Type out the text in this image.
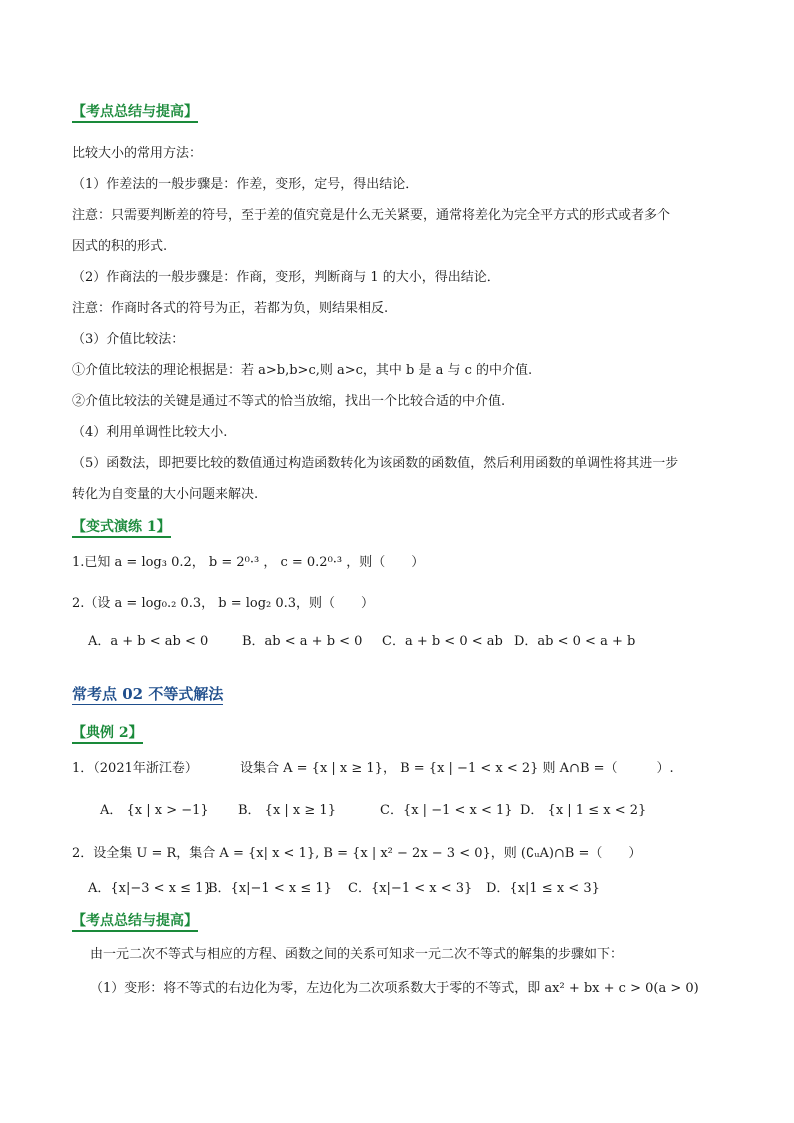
【考点总结与提高】
比较大小的常用方法：
（1）作差法的一般步骤是：作差，变形，定号，得出结论．
注意：只需要判断差的符号，至于差的值究竟是什么无关紧要，通常将差化为完全平方式的形式或者多个
因式的积的形式.
（2）作商法的一般步骤是：作商，变形，判断商与 1 的大小，得出结论．
注意：作商时各式的符号为正，若都为负，则结果相反.
（3）介值比较法：
①介值比较法的理论根据是：若 a>b,b>c,则 a>c，其中 b 是 a 与 c 的中介值.
②介值比较法的关键是通过不等式的恰当放缩，找出一个比较合适的中介值.
（4）利用单调性比较大小.
（5）函数法，即把要比较的数值通过构造函数转化为该函数的函数值，然后利用函数的单调性将其进一步
转化为自变量的大小问题来解决.
【变式演练 1】
1.已知 a = log₃ 0.2， b = 2⁰·³ ， c = 0.2⁰·³ ，则（　　）
2.（设 a = log₀.₂ 0.3， b = log₂ 0.3，则（　　）
A．a + b < ab < 0	B．ab < a + b < 0 C．a + b < 0 < ab D．ab < 0 < a + b
常考点 02 不等式解法
【典例 2】
1．（2021年浙江卷）	设集合 A = {x | x ≥ 1}， B = {x | −1 < x < 2} 则 A∩B =（　　　）.
A． {x | x > −1} B． {x | x ≥ 1}	C．{x | −1 < x < 1} D． {x | 1 ≤ x < 2}
2．设全集 U = R，集合 A = {x| x < 1}, B = {x | x² − 2x − 3 < 0}，则 (∁ᵤA)∩B =（　　）
A．{x|−3 < x ≤ 1}
B．{x|−1 < x ≤ 1} C．{x|−1 < x < 3} D．{x|1 ≤ x < 3}
【考点总结与提高】
由一元二次不等式与相应的方程、函数之间的关系可知求一元二次不等式的解集的步骤如下：
（1）变形：将不等式的右边化为零，左边化为二次项系数大于零的不等式，即 ax² + bx + c > 0(a > 0)
